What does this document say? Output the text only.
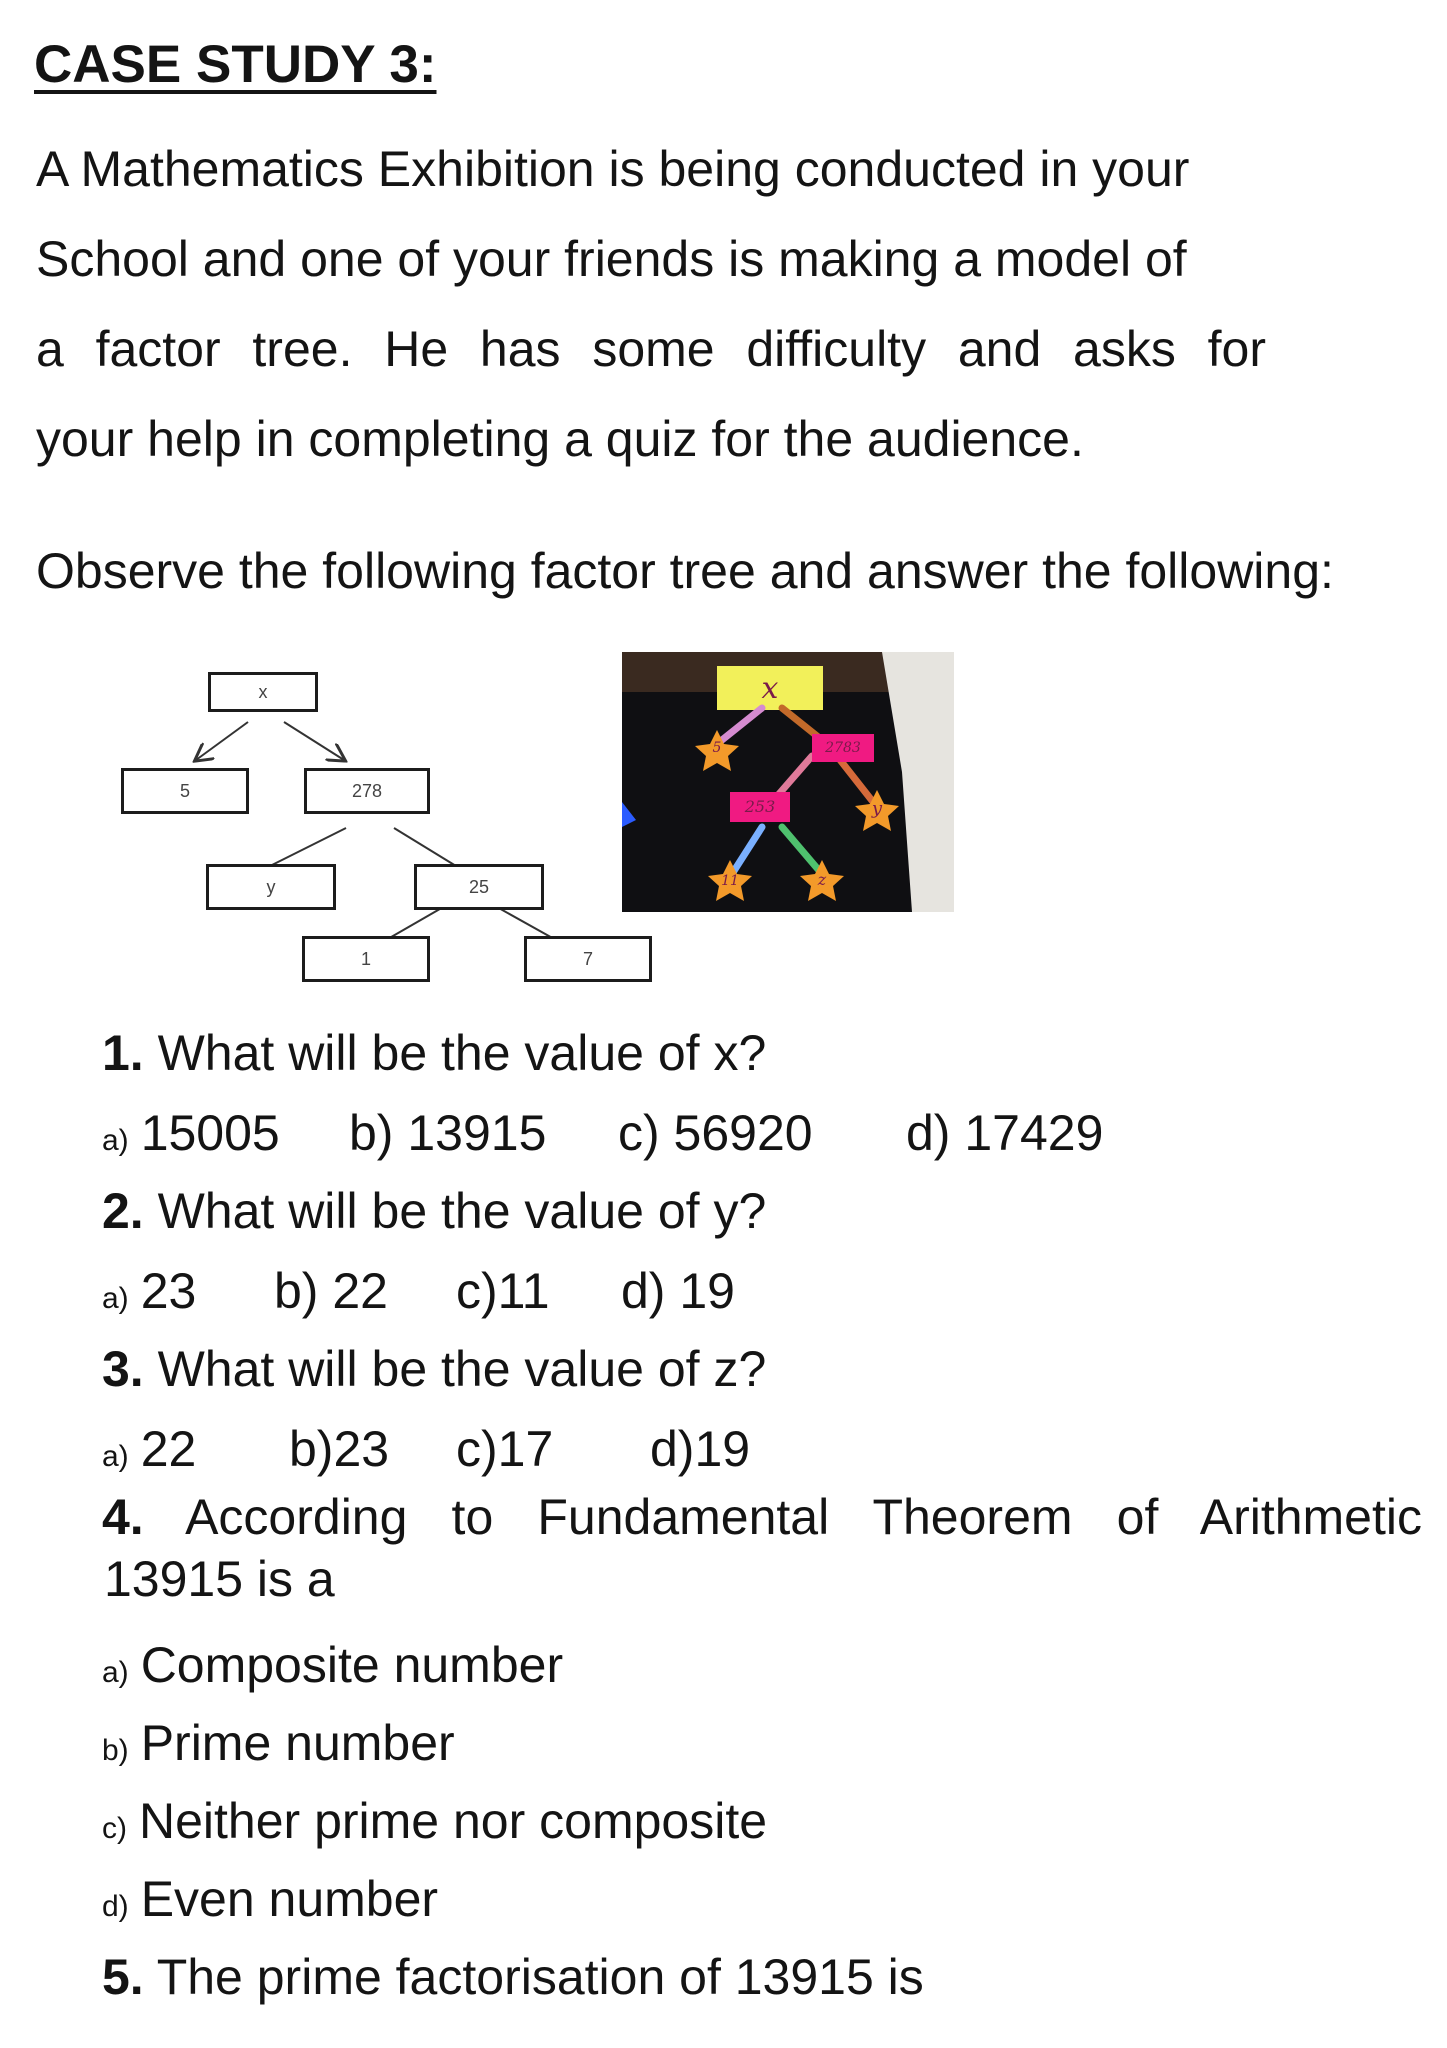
CASE STUDY 3:
A Mathematics Exhibition is being conducted in your
School and one of your friends is making a model of
a factor tree. He has some difficulty and asks for
your help in completing a quiz for the audience.
Observe the following factor tree and answer the following:
x
5	278
y	25
1	7
x
5	2783
253	y
11	z
1. What will be the value of x?
a) 15005 b) 13915 c) 56920 d) 17429
2. What will be the value of y?
a) 23 b) 22 c)11 d) 19
3. What will be the value of z?
a) 22 b)23 c)17 d)19
4. According to Fundamental Theorem of Arithmetic
13915 is a
a) Composite number
b) Prime number
c) Neither prime nor composite
d) Even number
5. The prime factorisation of 13915 is
